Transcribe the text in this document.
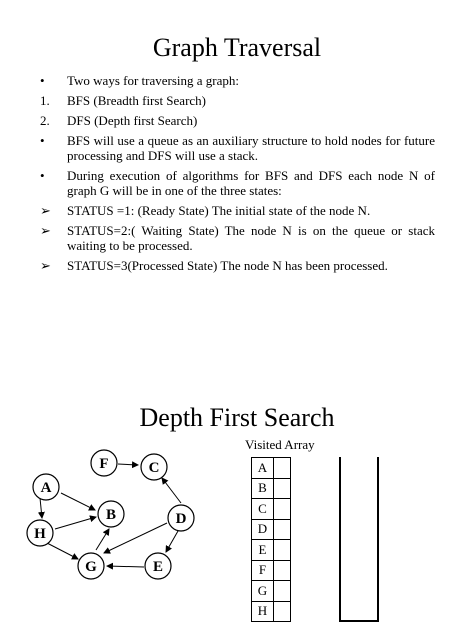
Graph Traversal
•	Two ways for traversing a graph:
1.	BFS (Breadth first Search)
2.	DFS (Depth first Search)
•	BFS will use a queue as an auxiliary structure to hold nodes for future processing and DFS will use a stack.
•	During execution of algorithms for BFS and DFS each node N of graph G will be in one of the three states:
➢	STATUS =1: (Ready State) The initial state of the node N.
➢	STATUS=2:( Waiting State) The node N is on the queue or stack waiting to be processed.
➢	STATUS=3(Processed State) The node N has been processed.
Depth First Search
Visited Array
A	
B	
C	
D	
E	
F	
G	
H	
F	C
A
B
H
D
G	E
